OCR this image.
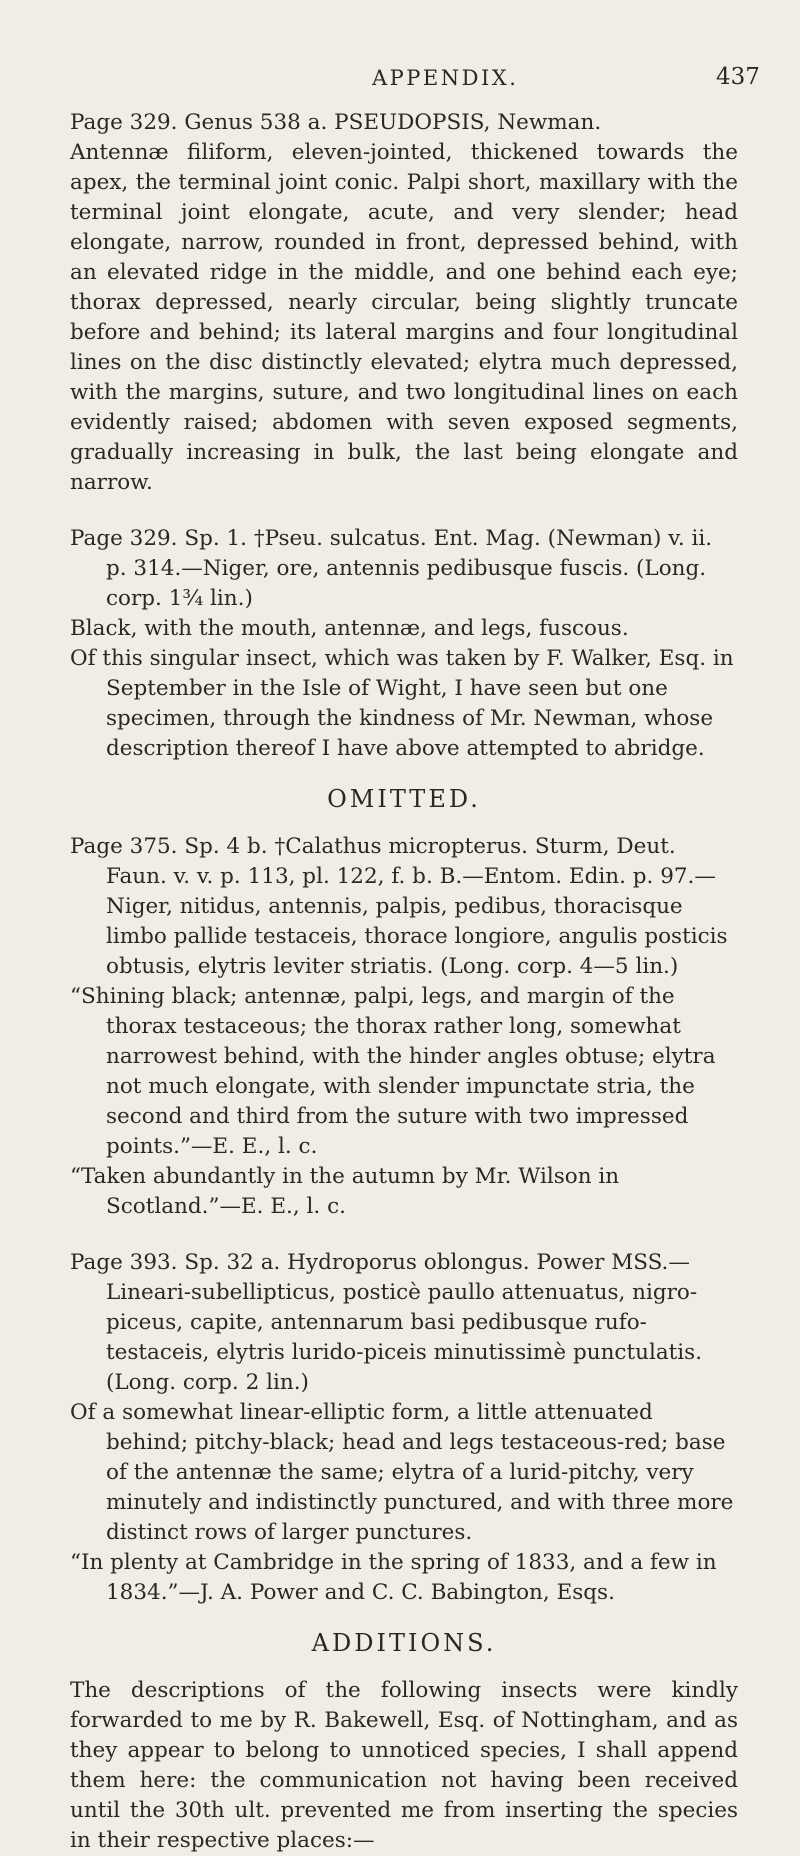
APPENDIX.	437

Page 329. Genus 538 a. PSEUDOPSIS, Newman.

Antennæ filiform, eleven-jointed, thickened towards the apex, the terminal joint conic. Palpi short, maxillary with the terminal joint elongate, acute, and very slender; head elongate, narrow, rounded in front, depressed behind, with an elevated ridge in the middle, and one behind each eye; thorax depressed, nearly circular, being slightly truncate before and behind; its lateral margins and four longitudinal lines on the disc distinctly elevated; elytra much depressed, with the margins, suture, and two longitudinal lines on each evidently raised; abdomen with seven exposed segments, gradually increasing in bulk, the last being elongate and narrow.

Page 329. Sp. 1. †Pseu. sulcatus. Ent. Mag. (Newman) v. ii. p. 314.—Niger, ore, antennis pedibusque fuscis. (Long. corp. 1¾ lin.)

Black, with the mouth, antennæ, and legs, fuscous.

Of this singular insect, which was taken by F. Walker, Esq. in September in the Isle of Wight, I have seen but one specimen, through the kindness of Mr. Newman, whose description thereof I have above attempted to abridge.

OMITTED.

Page 375. Sp. 4 b. †Calathus micropterus. Sturm, Deut. Faun. v. v. p. 113, pl. 122, f. b. B.—Entom. Edin. p. 97.—Niger, nitidus, antennis, palpis, pedibus, thoracisque limbo pallide testaceis, thorace longiore, angulis posticis obtusis, elytris leviter striatis. (Long. corp. 4—5 lin.)

“Shining black; antennæ, palpi, legs, and margin of the thorax testaceous; the thorax rather long, somewhat narrowest behind, with the hinder angles obtuse; elytra not much elongate, with slender impunctate stria, the second and third from the suture with two impressed points.”—E. E., l. c.

“Taken abundantly in the autumn by Mr. Wilson in Scotland.”—E. E., l. c.

Page 393. Sp. 32 a. Hydroporus oblongus. Power MSS.—Lineari-subellipticus, posticè paullo attenuatus, nigro-piceus, capite, antennarum basi pedibusque rufo-testaceis, elytris lurido-piceis minutissimè punctulatis. (Long. corp. 2 lin.)

Of a somewhat linear-elliptic form, a little attenuated behind; pitchy-black; head and legs testaceous-red; base of the antennæ the same; elytra of a lurid-pitchy, very minutely and indistinctly punctured, and with three more distinct rows of larger punctures.

“In plenty at Cambridge in the spring of 1833, and a few in 1834.”—J. A. Power and C. C. Babington, Esqs.

ADDITIONS.

The descriptions of the following insects were kindly forwarded to me by R. Bakewell, Esq. of Nottingham, and as they appear to belong to unnoticed species, I shall append them here: the communication not having been received until the 30th ult. prevented me from inserting the species in their respective places:—
